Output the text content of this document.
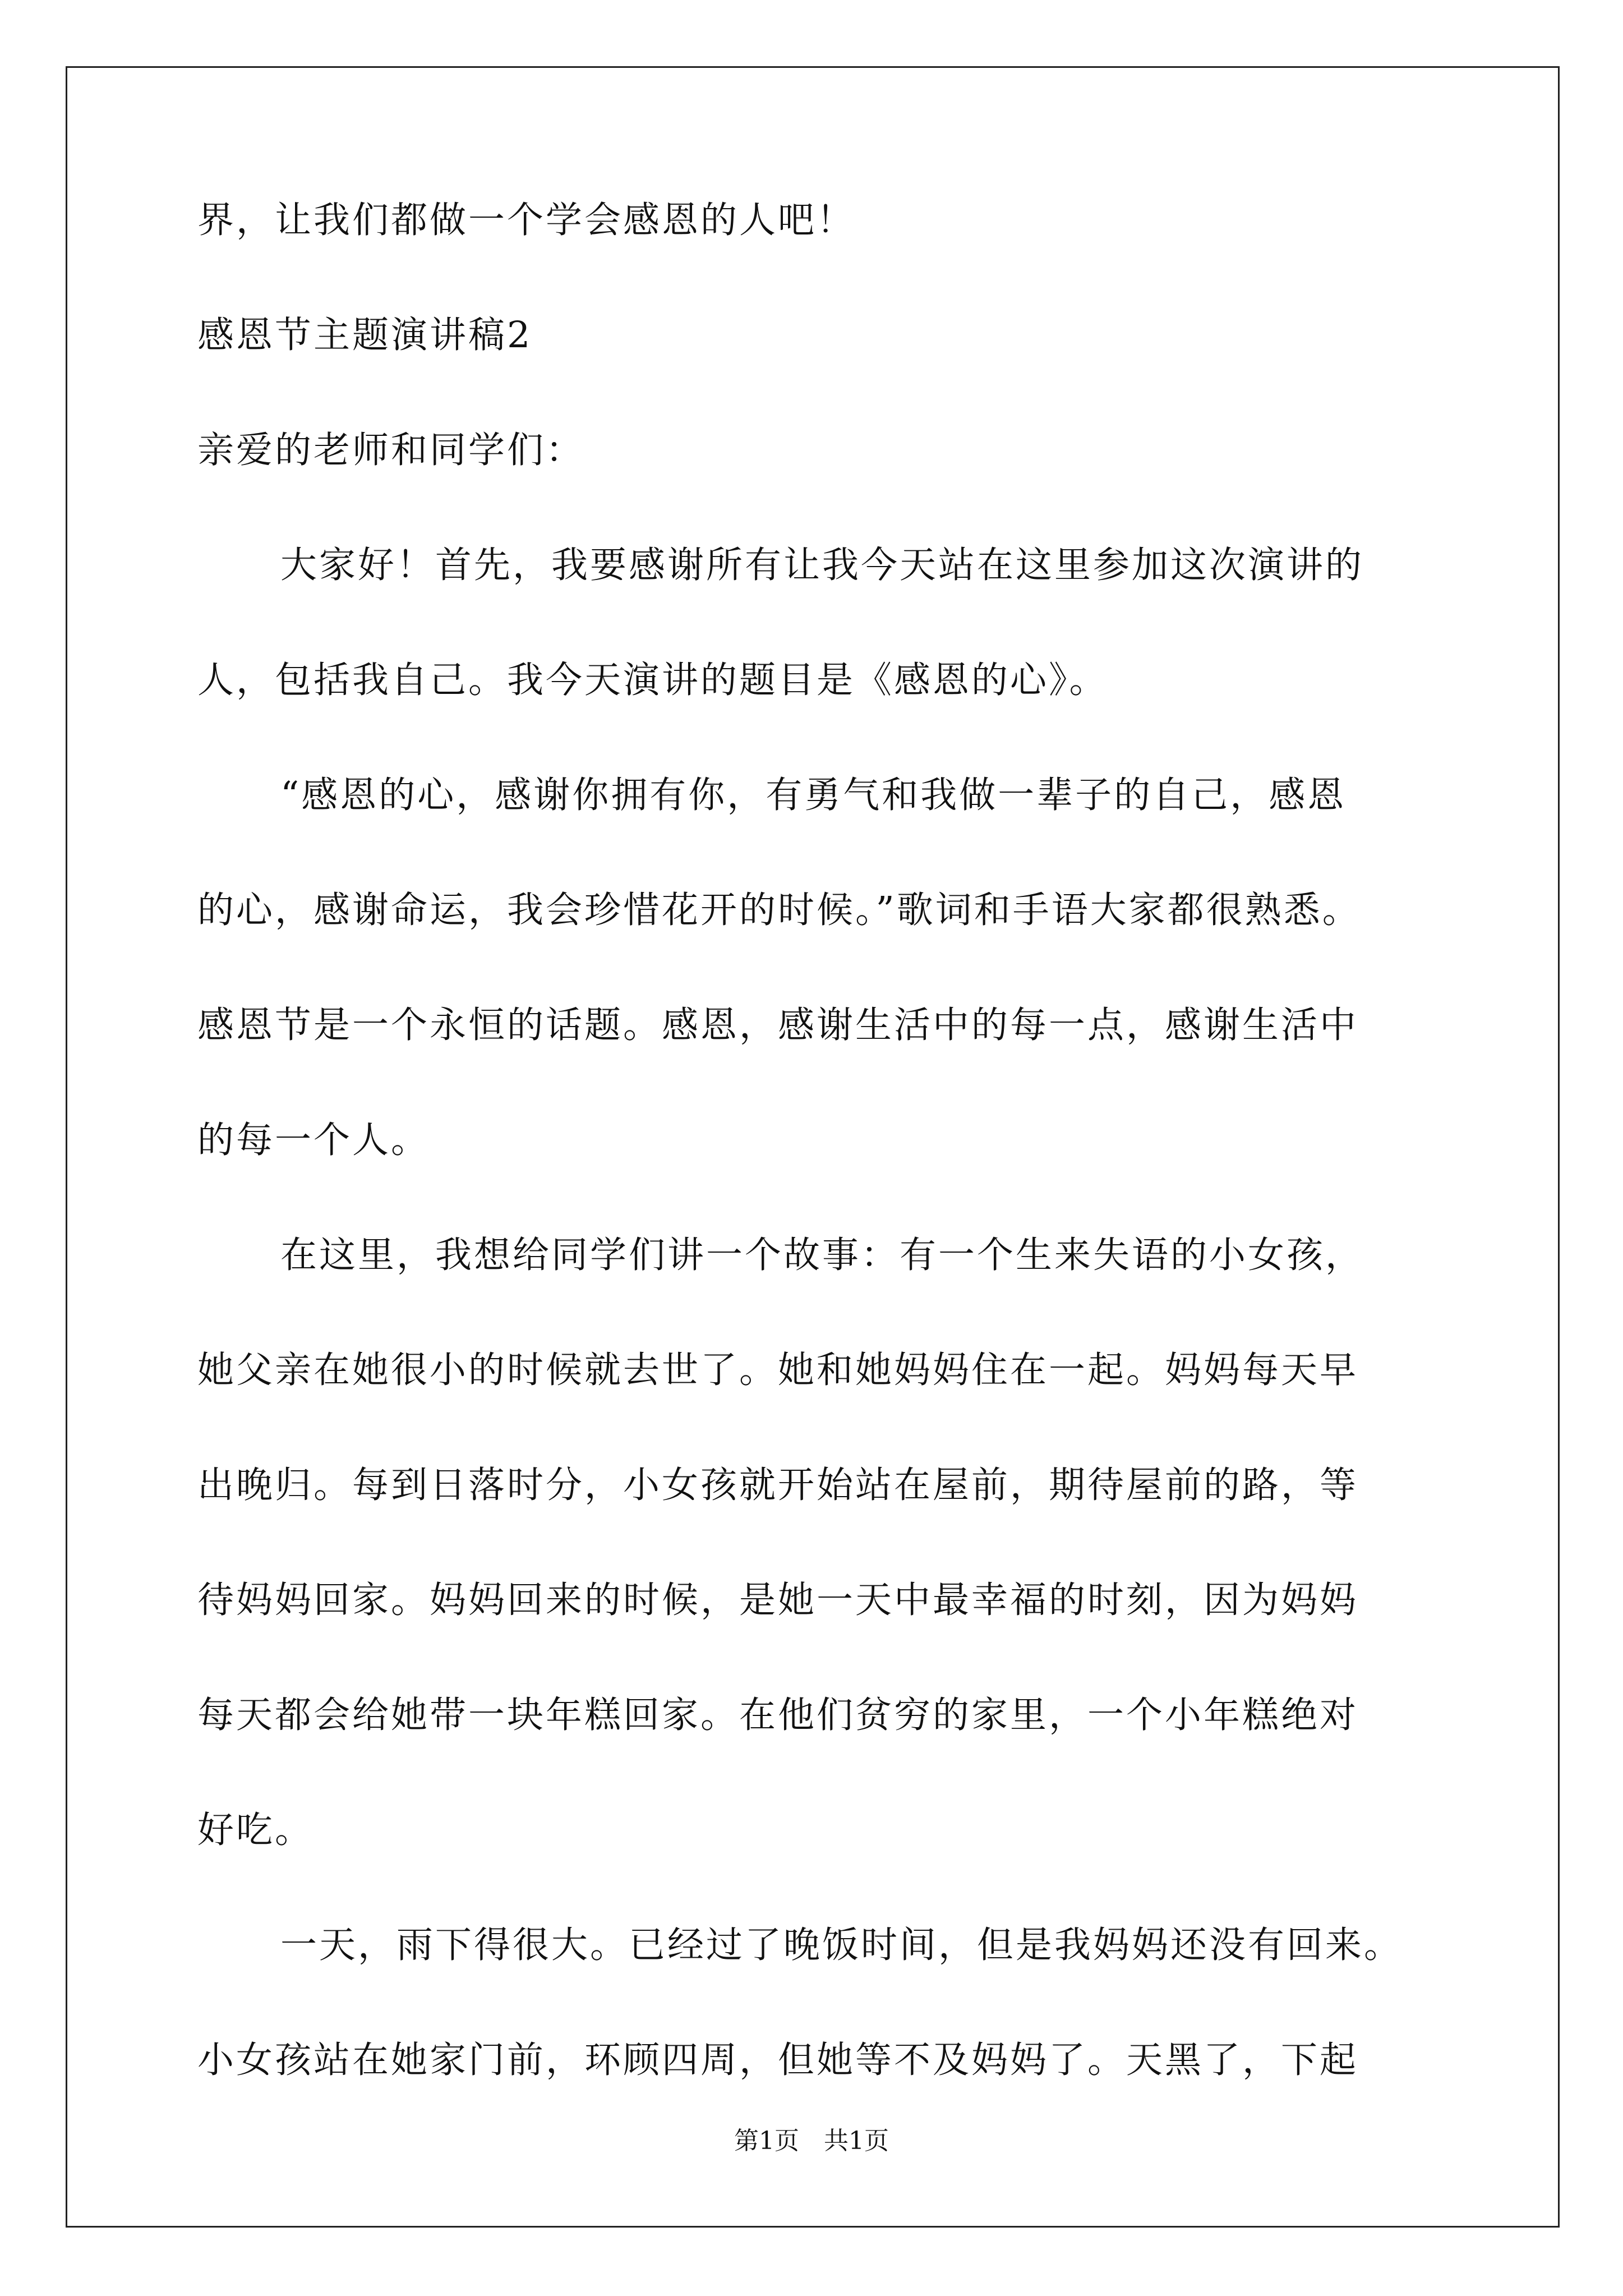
界，让我们都做一个学会感恩的人吧！
感恩节主题演讲稿2
亲爱的老师和同学们：
大家好！首先，我要感谢所有让我今天站在这里参加这次演讲的
人，包括我自己。我今天演讲的题目是《感恩的心》。
“感恩的心，感谢你拥有你，有勇气和我做一辈子的自己，感恩
的心，感谢命运，我会珍惜花开的时候。”歌词和手语大家都很熟悉。
感恩节是一个永恒的话题。感恩，感谢生活中的每一点，感谢生活中
的每一个人。
在这里，我想给同学们讲一个故事：有一个生来失语的小女孩，
她父亲在她很小的时候就去世了。她和她妈妈住在一起。妈妈每天早
出晚归。每到日落时分，小女孩就开始站在屋前，期待屋前的路，等
待妈妈回家。妈妈回来的时候，是她一天中最幸福的时刻，因为妈妈
每天都会给她带一块年糕回家。在他们贫穷的家里，一个小年糕绝对
好吃。
一天，雨下得很大。已经过了晚饭时间，但是我妈妈还没有回来。
小女孩站在她家门前，环顾四周，但她等不及妈妈了。天黑了，下起
第1页　共1页
